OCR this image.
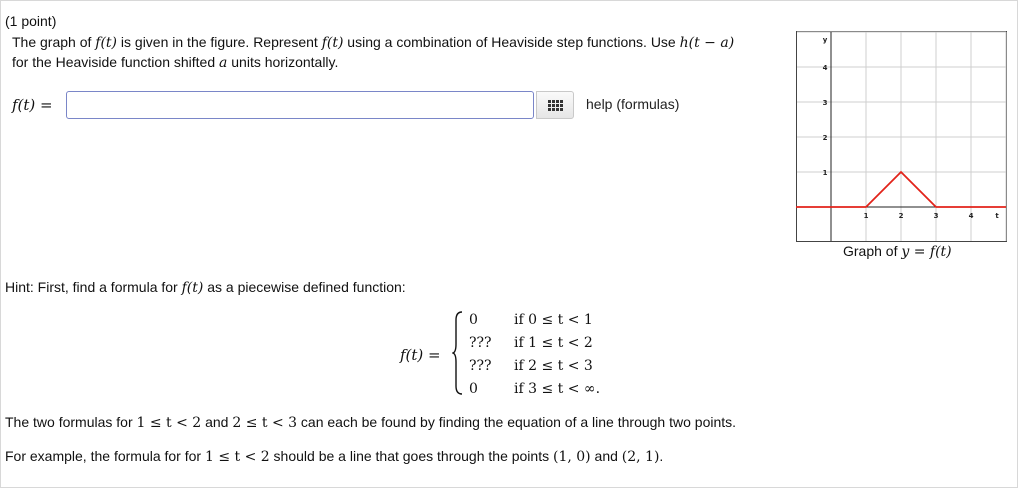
(1 point)
The graph of f(t) is given in the figure. Represent f(t) using a combination of Heaviside step functions. Use h(t − a)
for the Heaviside function shifted a units horizontally.
f(t) =	help (formulas)
1	2	3	4
1
2
3
4
t
y
Graph of y = f(t)
Hint: First, find a formula for f(t) as a piecewise defined function:
f(t) =
0	if 0 ≤ t < 1
??? if 1 ≤ t < 2
??? if 2 ≤ t < 3
0	if 3 ≤ t < ∞.
The two formulas for 1 ≤ t < 2 and 2 ≤ t < 3 can each be found by finding the equation of a line through two points.
For example, the formula for for 1 ≤ t < 2 should be a line that goes through the points (1, 0) and (2, 1).
